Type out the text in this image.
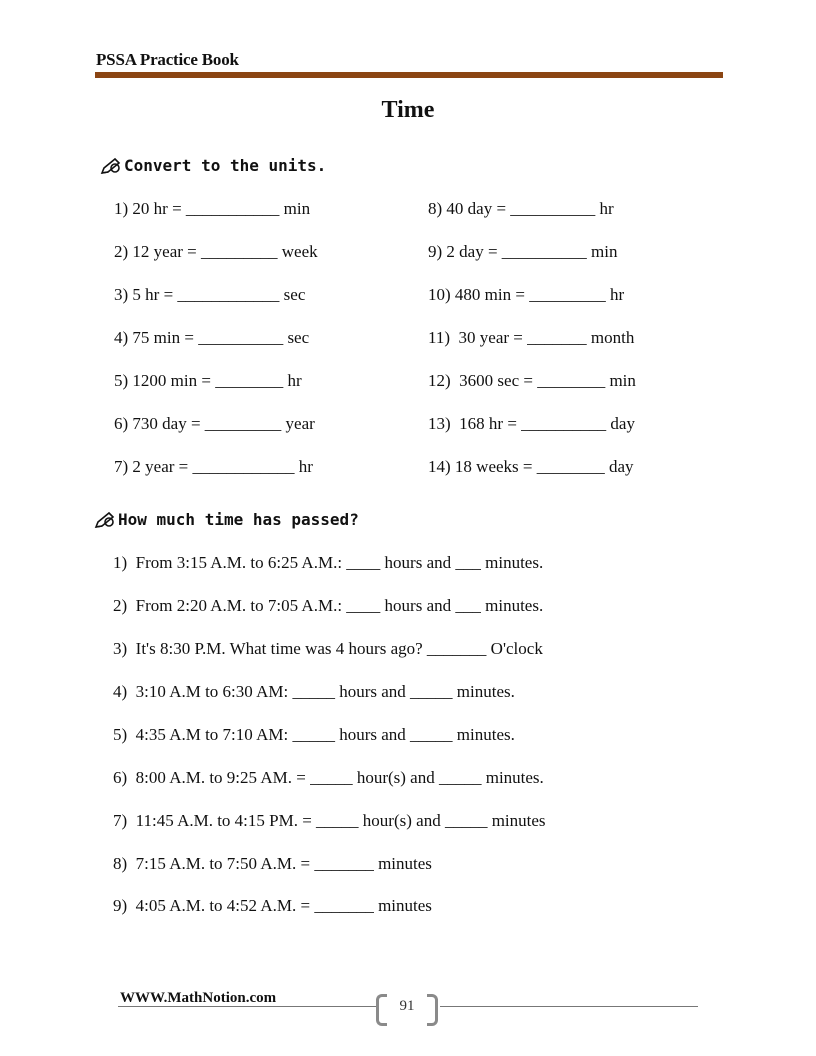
PSSA Practice Book
Time
Convert to the units.
1) 20 hr = ___________ min
2) 12 year = _________ week
3) 5 hr = ____________ sec
4) 75 min = __________ sec
5) 1200 min = ________ hr
6) 730 day = _________ year
7) 2 year = ____________ hr
8) 40 day = __________ hr
9) 2 day = __________ min
10) 480 min = _________ hr
11)  30 year = _______ month
12)  3600 sec = ________ min
13)  168 hr = __________ day
14) 18 weeks = ________ day
How much time has passed?
1)  From 3:15 A.M. to 6:25 A.M.: ____ hours and ___ minutes.
2)  From 2:20 A.M. to 7:05 A.M.: ____ hours and ___ minutes.
3)  It's 8:30 P.M. What time was 4 hours ago? _______ O'clock
4)  3:10 A.M to 6:30 AM: _____ hours and _____ minutes.
5)  4:35 A.M to 7:10 AM: _____ hours and _____ minutes.
6)  8:00 A.M. to 9:25 AM. = _____ hour(s) and _____ minutes.
7)  11:45 A.M. to 4:15 PM. = _____ hour(s) and _____ minutes
8)  7:15 A.M. to 7:50 A.M. = _______ minutes
9)  4:05 A.M. to 4:52 A.M. = _______ minutes
WWW.MathNotion.com	91
